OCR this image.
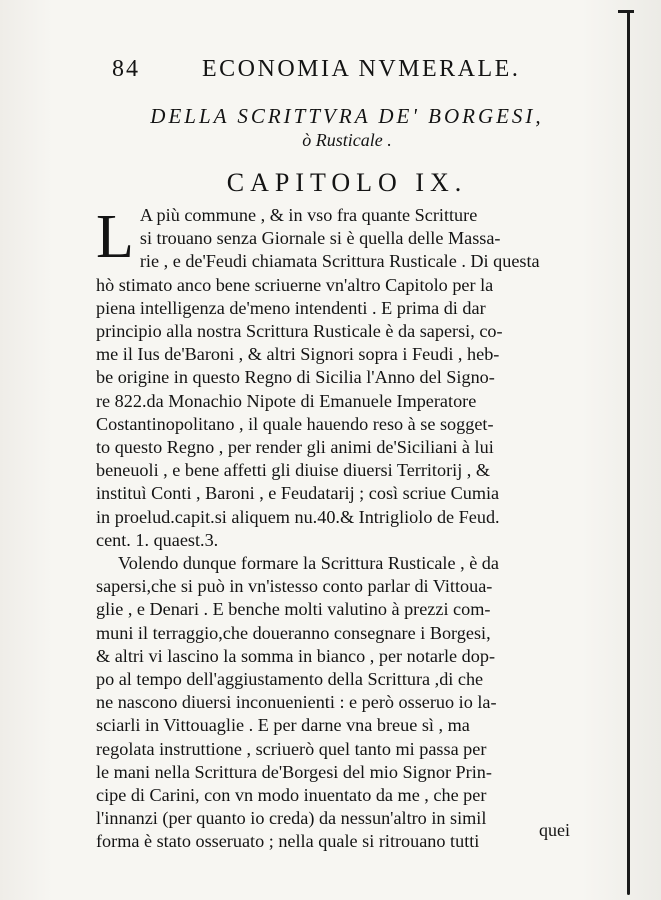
84	ECONOMIA NVMERALE.
DELLA SCRITTVRA DE' BORGESI,
ò Rusticale .
CAPITOLO IX.

L A più commune , & in vso fra quante Scritture
si trouano senza Giornale si è quella delle Massa-
rie , e de'Feudi chiamata Scrittura Rusticale . Di questa
hò stimato anco bene scriuerne vn'altro Capitolo per la
piena intelligenza de'meno intendenti . E prima di dar
principio alla nostra Scrittura Rusticale è da sapersi, co-
me il Ius de'Baroni , & altri Signori sopra i Feudi , heb-
be origine in questo Regno di Sicilia l'Anno del Signo-
re 822.da Monachio Nipote di Emanuele Imperatore
Costantinopolitano , il quale hauendo reso à se sogget-
to questo Regno , per render gli animi de'Siciliani à lui
beneuoli , e bene affetti gli diuise diuersi Territorij , &
instituì Conti , Baroni , e Feudatarij ; così scriue Cumia
in proelud.capit.si aliquem nu.40.& Intrigliolo de Feud.
cent. 1. quaest.3.

Volendo dunque formare la Scrittura Rusticale , è da
sapersi,che si può in vn'istesso conto parlar di Vittoua-
glie , e Denari . E benche molti valutino à prezzi com-
muni il terraggio,che doueranno consegnare i Borgesi,
& altri vi lascino la somma in bianco , per notarle dop-
po al tempo dell'aggiustamento della Scrittura ,di che
ne nascono diuersi inconuenienti : e però osseruo io la-
sciarli in Vittouaglie . E per darne vna breue sì , ma
regolata instruttione , scriuerò quel tanto mi passa per
le mani nella Scrittura de'Borgesi del mio Signor Prin-
cipe di Carini, con vn modo inuentato da me , che per
l'innanzi (per quanto io creda) da nessun'altro in simil
forma è stato osseruato ; nella quale si ritrouano tutti

quei
